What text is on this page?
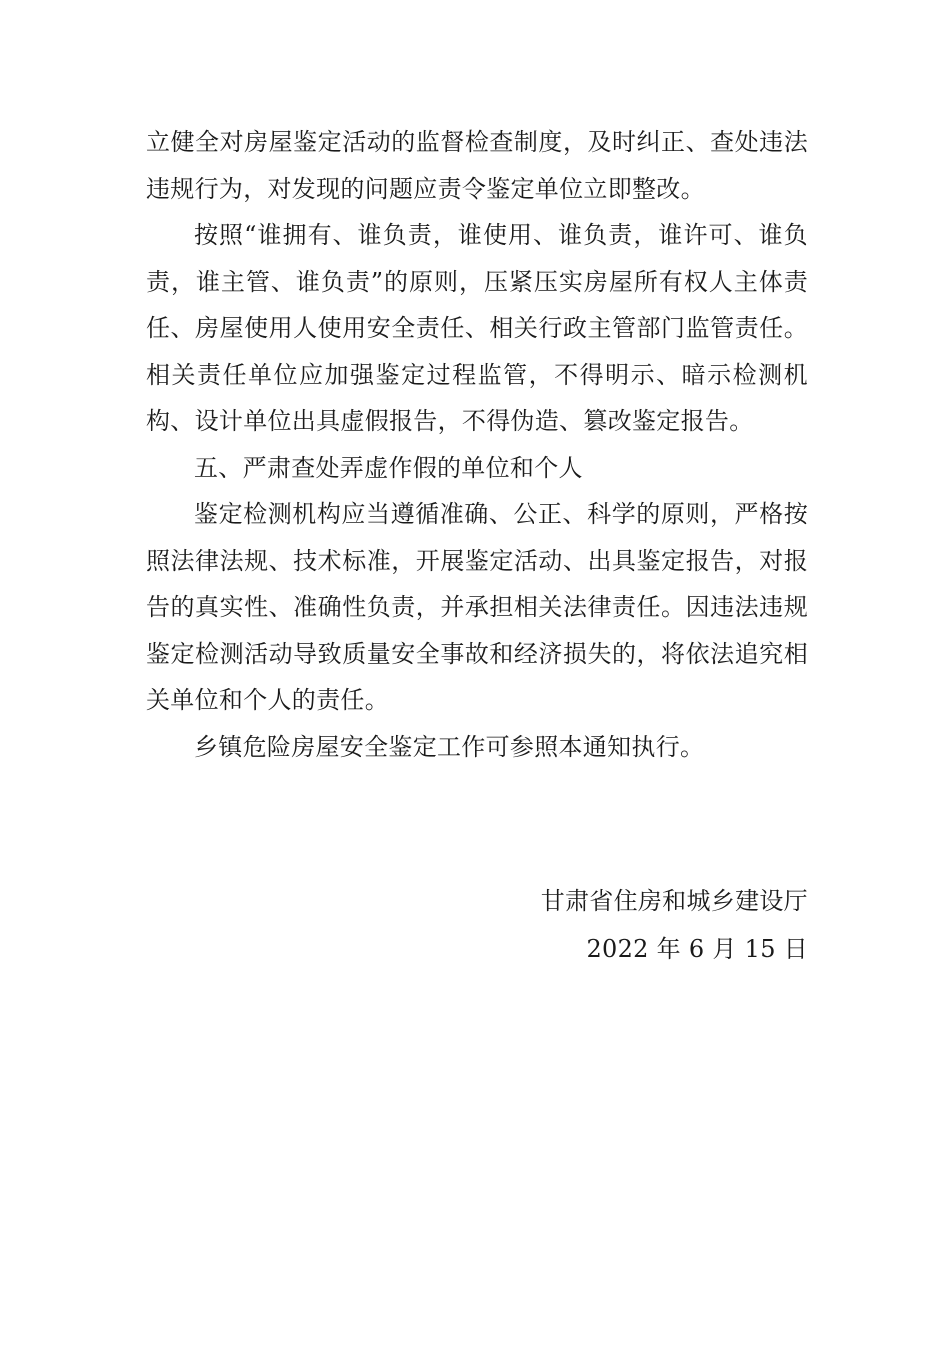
立健全对房屋鉴定活动的监督检查制度，及时纠正、查处违法违规行为，对发现的问题应责令鉴定单位立即整改。

按照“谁拥有、谁负责，谁使用、谁负责，谁许可、谁负责，谁主管、谁负责”的原则，压紧压实房屋所有权人主体责任、房屋使用人使用安全责任、相关行政主管部门监管责任。相关责任单位应加强鉴定过程监管，不得明示、暗示检测机构、设计单位出具虚假报告，不得伪造、篡改鉴定报告。

五、严肃查处弄虚作假的单位和个人

鉴定检测机构应当遵循准确、公正、科学的原则，严格按照法律法规、技术标准，开展鉴定活动、出具鉴定报告，对报告的真实性、准确性负责，并承担相关法律责任。因违法违规鉴定检测活动导致质量安全事故和经济损失的，将依法追究相关单位和个人的责任。

乡镇危险房屋安全鉴定工作可参照本通知执行。

甘肃省住房和城乡建设厅
2022 年 6 月 15 日
